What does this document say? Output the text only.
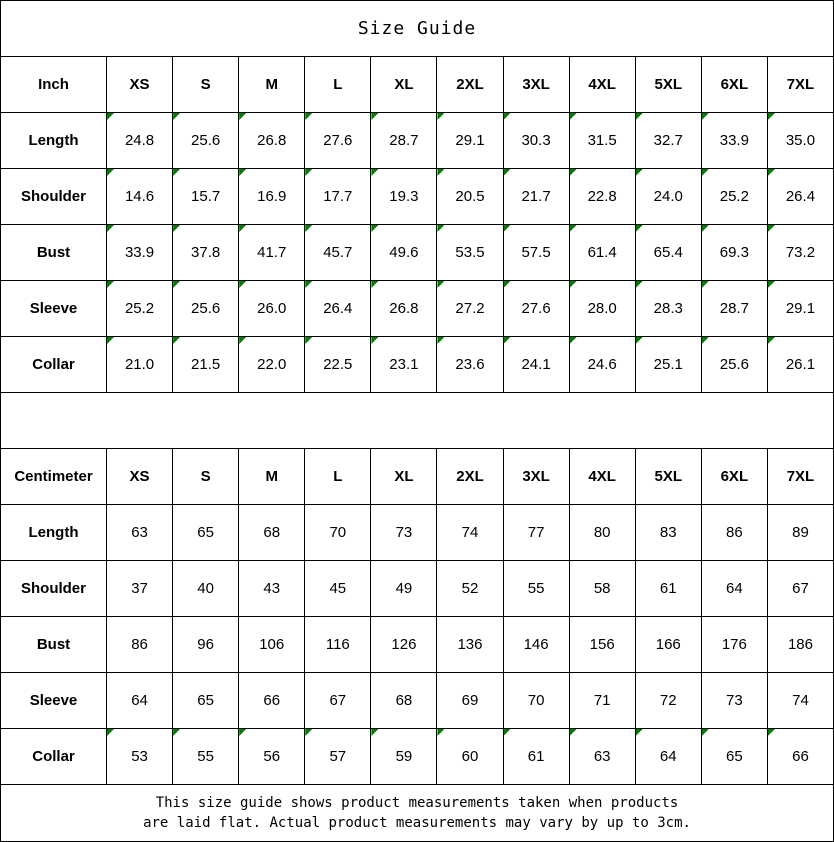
Size Guide
Inch	XS	S	M	L	XL	2XL	3XL	4XL	5XL	6XL	7XL
Length	24.8 25.6 26.8 27.6 28.7 29.1 30.3 31.5 32.7 33.9 35.0
Shoulder	14.6 15.7 16.9 17.7 19.3 20.5 21.7 22.8 24.0 25.2 26.4
Bust	33.9 37.8 41.7 45.7 49.6 53.5 57.5 61.4 65.4 69.3 73.2
Sleeve	25.2 25.6 26.0 26.4 26.8 27.2 27.6 28.0 28.3 28.7 29.1
Collar	21.0 21.5 22.0 22.5 23.1 23.6 24.1 24.6 25.1 25.6 26.1
Centimeter	XS	S	M	L	XL	2XL	3XL	4XL	5XL	6XL	7XL
Length	63	65	68	70	73	74	77	80	83	86	89
Shoulder	37	40	43	45	49	52	55	58	61	64	67
Bust	86	96	106	116	126	136	146	156	166	176	186
Sleeve	64	65	66	67	68	69	70	71	72	73	74
Collar	53	55	56	57	59	60	61	63	64	65	66
This size guide shows product measurements taken when products
are laid flat. Actual product measurements may vary by up to 3cm.
